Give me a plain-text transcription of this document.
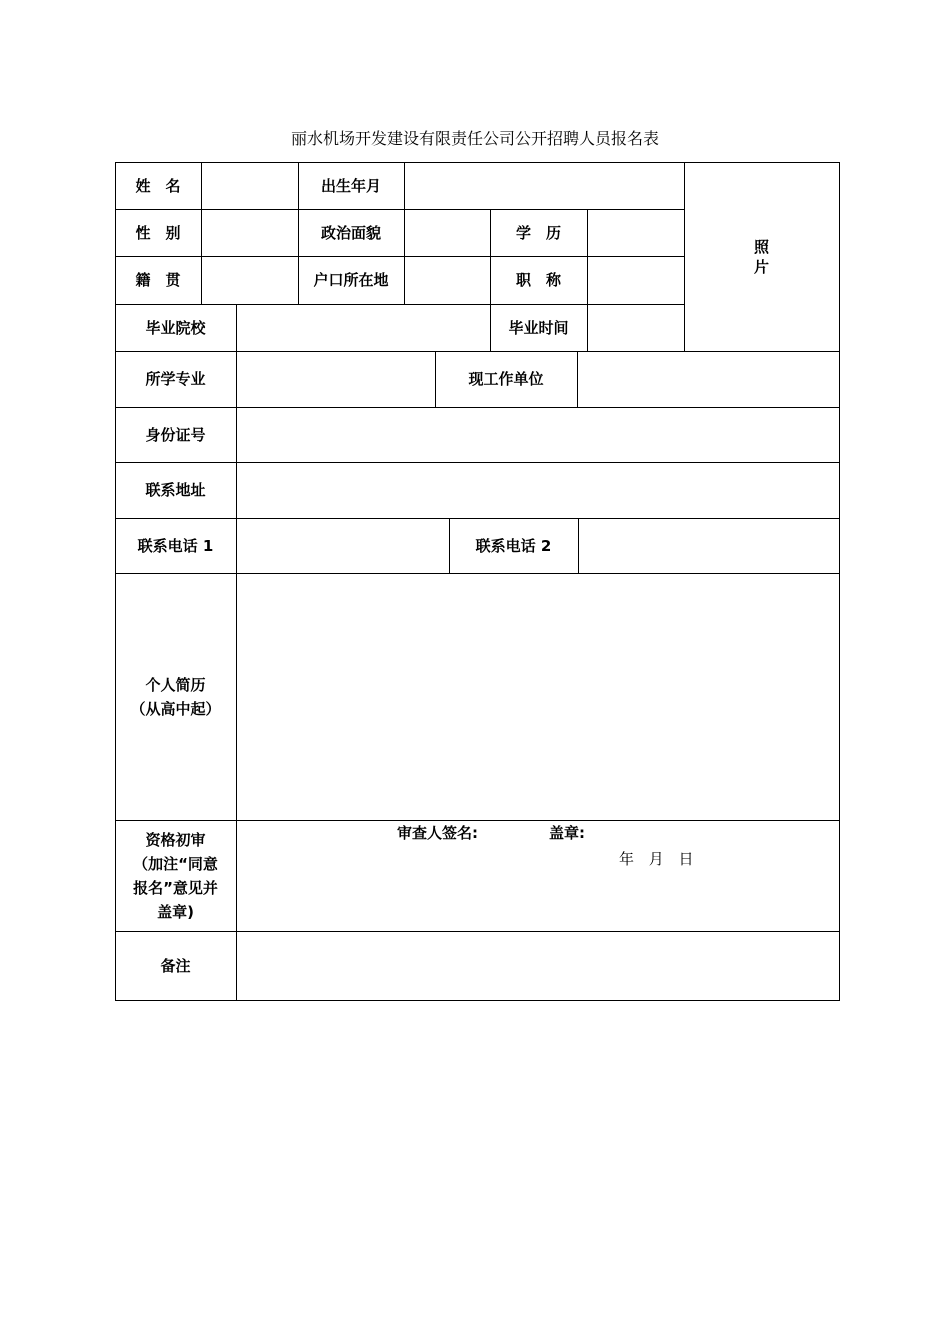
丽水机场开发建设有限责任公司公开招聘人员报名表
姓　名	出生年月
性　别	政治面貌	学　历
籍　贯	户口所在地	职　称
毕业院校	毕业时间
照
片
所学专业	现工作单位
身份证号
联系地址
联系电话 1	联系电话 2
个人简历
（从高中起）
资格初审
（加注“同意
报名”意见并
盖章)
审查人签名:	盖章:
年 月 日
备注
